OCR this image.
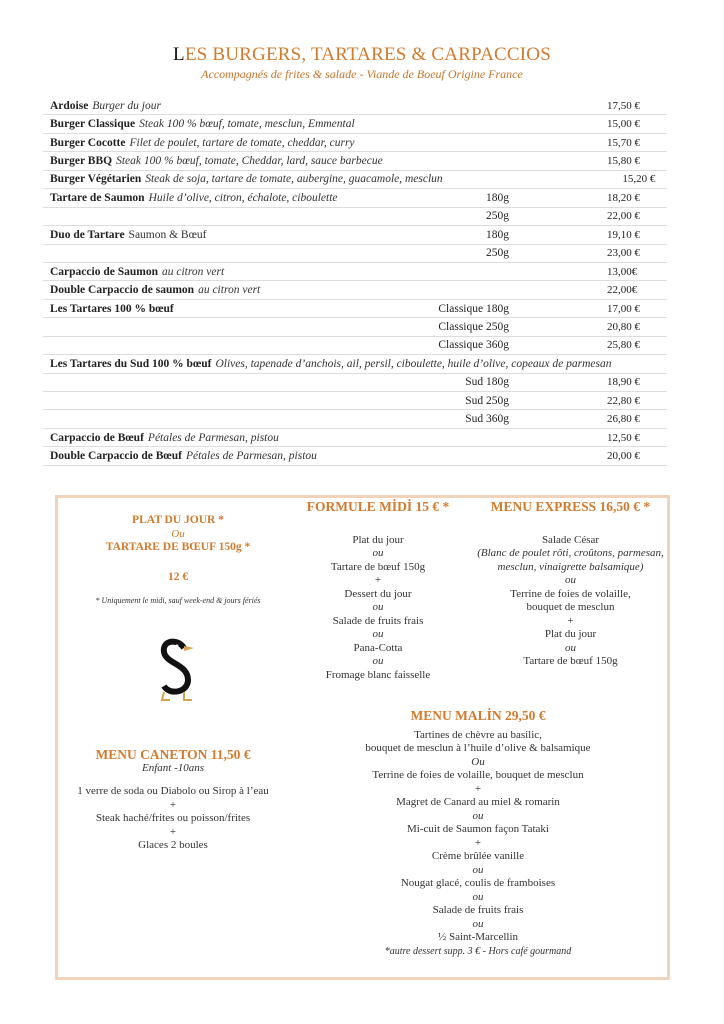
LES BURGERS, TARTARES & CARPACCIOS
Accompagnés de frites & salade - Viande de Boeuf Origine France
Ardoise Burger du jour	17,50 €
Burger Classique Steak 100 % bœuf, tomate, mesclun, Emmental	15,00 €
Burger Cocotte Filet de poulet, tartare de tomate, cheddar, curry	15,70 €
Burger BBQ Steak 100 % bœuf, tomate, Cheddar, lard, sauce barbecue	15,80 €
Burger Végétarien Steak de soja, tartare de tomate, aubergine, guacamole, mesclun	15,20 €
Tartare de Saumon Huile d’olive, citron, échalote, ciboulette	180g	18,20 €
250g	22,00 €
Duo de Tartare Saumon & Bœuf	180g	19,10 €
250g	23,00 €
Carpaccio de Saumon au citron vert	13,00€
Double Carpaccio de saumon au citron vert	22,00€
Les Tartares 100 % bœuf	Classique 180g	17,00 €
Classique 250g	20,80 €
Classique 360g	25,80 €
Les Tartares du Sud 100 % bœuf Olives, tapenade d’anchois, ail, persil, ciboulette, huile d’olive, copeaux de parmesan
Sud 180g	18,90 €
Sud 250g	22,80 €
Sud 360g	26,80 €
Carpaccio de Bœuf Pétales de Parmesan, pistou	12,50 €
Double Carpaccio de Bœuf Pétales de Parmesan, pistou	20,00 €
PLAT DU JOUR *
Ou
TARTARE DE BŒUF 150g *
12 €
* Uniquement le midi, sauf week-end & jours fériés
FORMULE MİDİ 15 € *
Plat du jour
ou
Tartare de bœuf 150g
+
Dessert du jour
ou
Salade de fruits frais
ou
Pana-Cotta
ou
Fromage blanc faisselle
MENU EXPRESS 16,50 € *
Salade César
(Blanc de poulet rôti, croûtons, parmesan, mesclun, vinaigrette balsamique)
ou
Terrine de foies de volaille,
bouquet de mesclun
+
Plat du jour
ou
Tartare de bœuf 150g
MENU CANETON 11,50 €
Enfant -10ans
1 verre de soda ou Diabolo ou Sirop à l’eau
+
Steak haché/frites ou poisson/frites
+
Glaces 2 boules
MENU MALİN 29,50 €
Tartines de chèvre au basilic,
bouquet de mesclun à l’huile d’olive & balsamique
Ou
Terrine de foies de volaille, bouquet de mesclun
+
Magret de Canard au miel & romarin
ou
Mi-cuit de Saumon façon Tataki
+
Crème brûlée vanille
ou
Nougat glacé, coulis de framboises
ou
Salade de fruits frais
ou
½ Saint-Marcellin
*autre dessert supp. 3 € - Hors café gourmand
